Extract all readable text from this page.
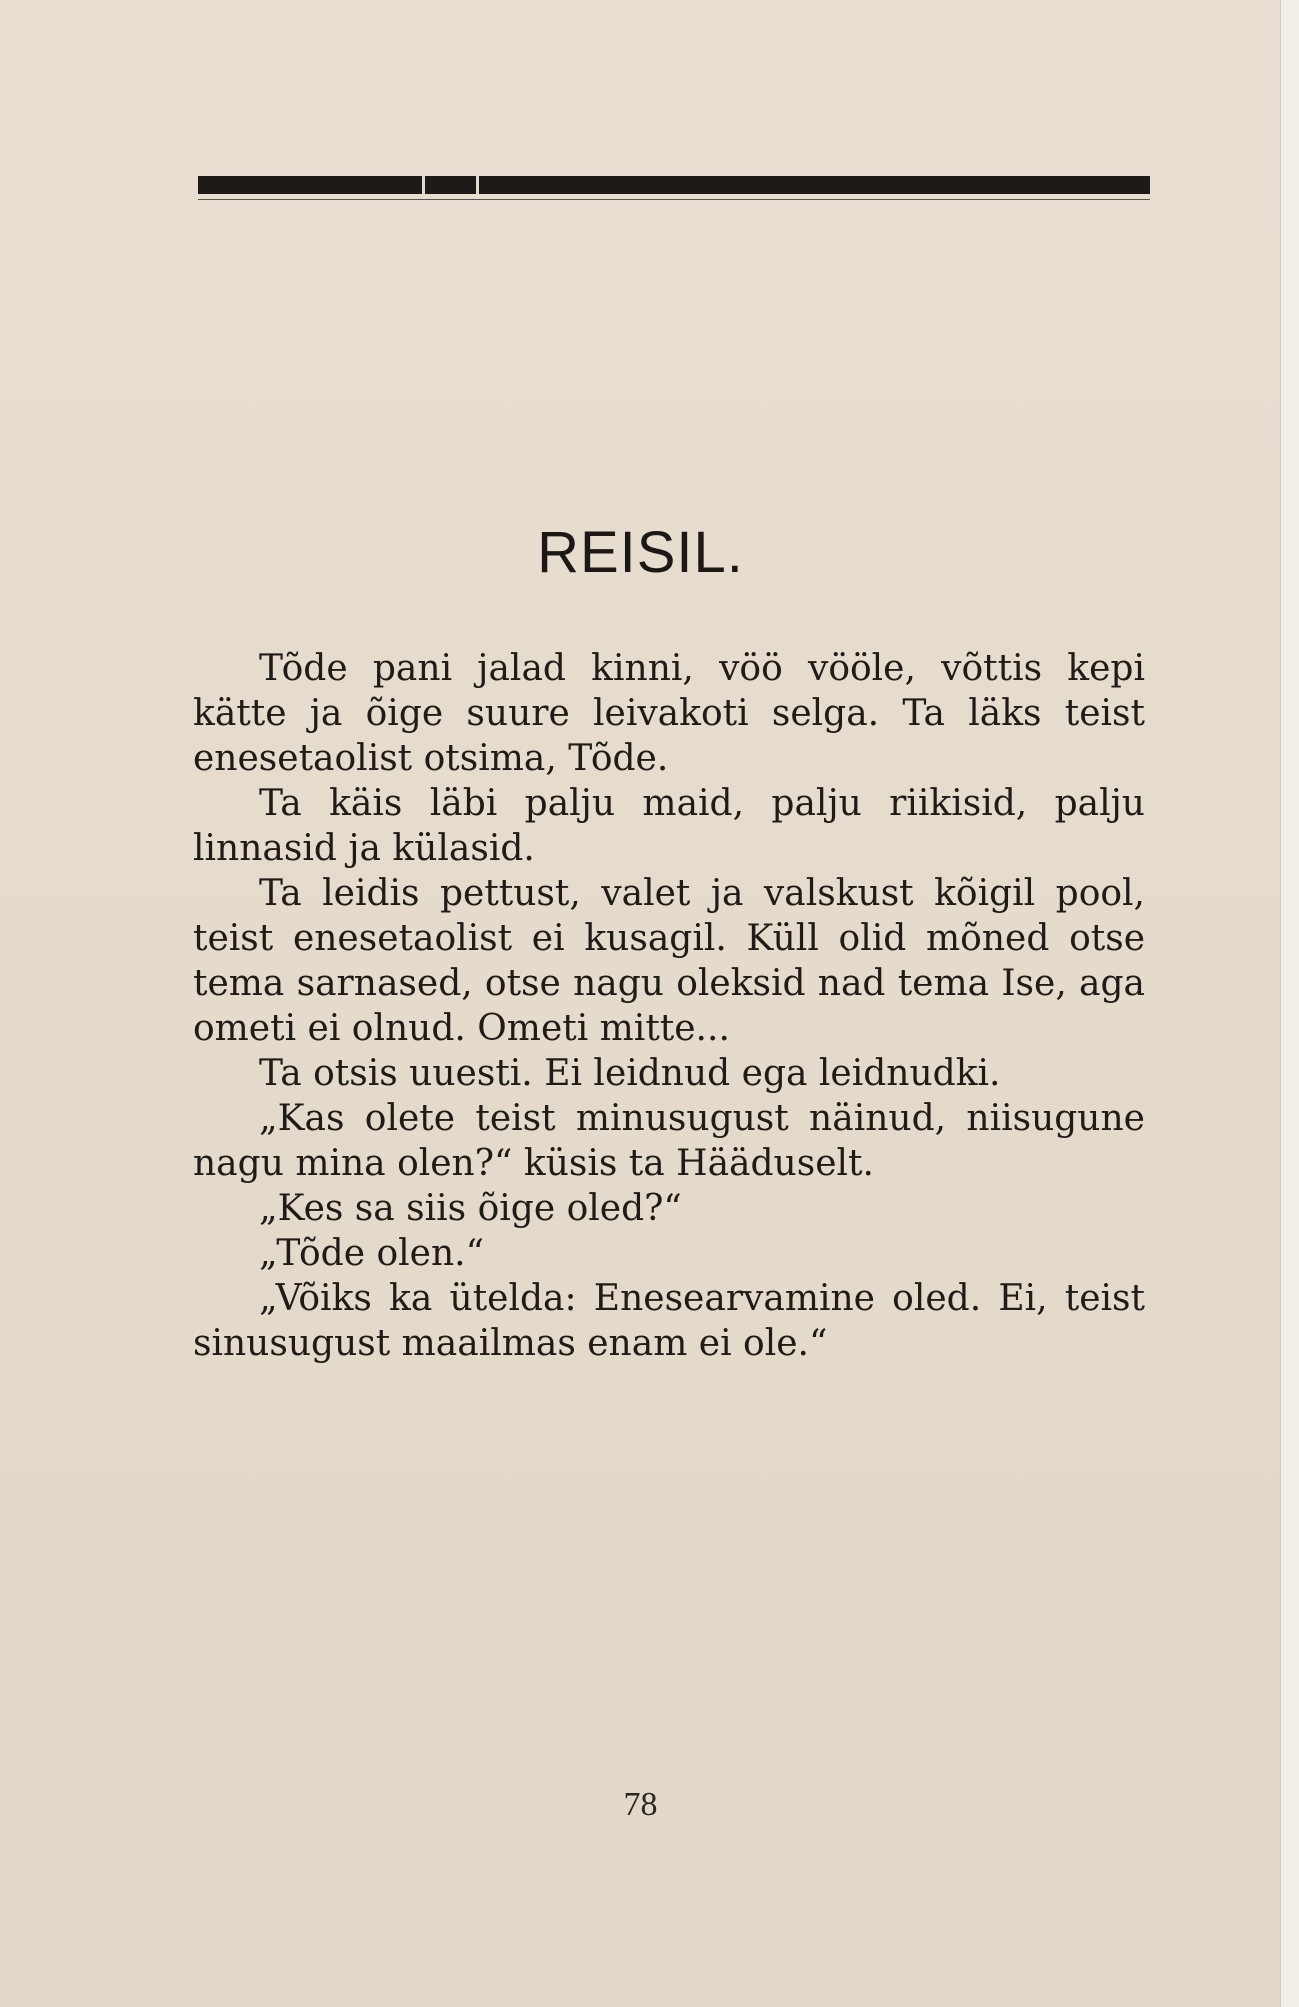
REISIL.

Tõde pani jalad kinni, vöö vööle, võttis kepi kätte ja õige suure leivakoti selga. Ta läks teist enesetaolist otsima, Tõde.

Ta käis läbi palju maid, palju riikisid, palju linnasid ja külasid.

Ta leidis pettust, valet ja valskust kõigil pool, teist enesetaolist ei kusagil. Küll olid mõned otse tema sarnased, otse nagu oleksid nad tema Ise, aga ometi ei olnud. Ometi mitte...

Ta otsis uuesti. Ei leidnud ega leidnudki.

„Kas olete teist minusugust näinud, niisugune nagu mina olen?“ küsis ta Hääduselt.

„Kes sa siis õige oled?“

„Tõde olen.“

„Võiks ka ütelda: Enesearvamine oled. Ei, teist sinusugust maailmas enam ei ole.“

78
